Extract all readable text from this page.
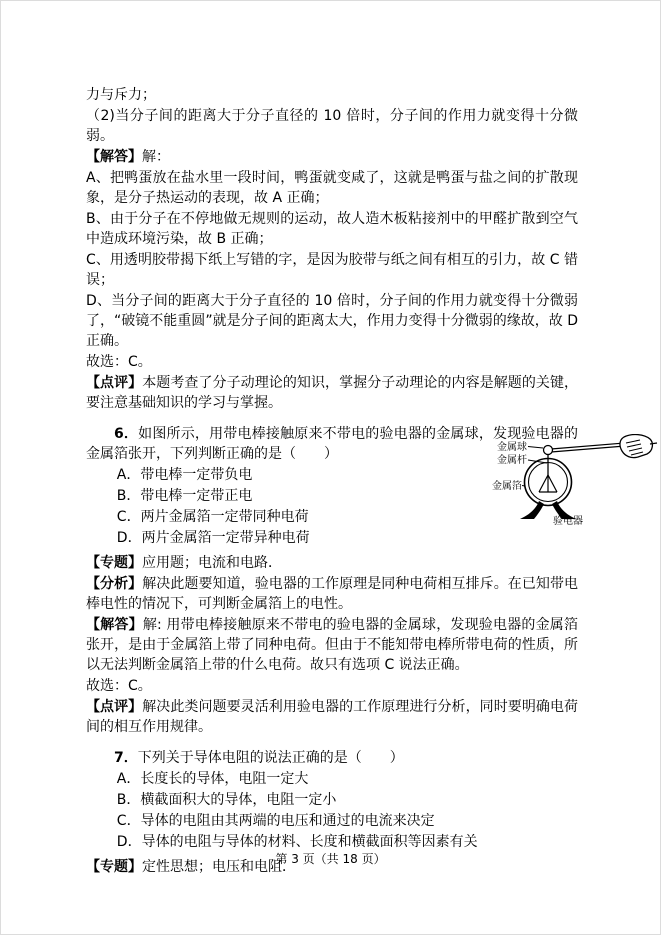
力与斥力；

（2)当分子间的距离大于分子直径的 10 倍时，分子间的作用力就变得十分微弱。

【解答】解：

A、把鸭蛋放在盐水里一段时间，鸭蛋就变咸了，这就是鸭蛋与盐之间的扩散现象，是分子热运动的表现，故 A 正确；

B、由于分子在不停地做无规则的运动，故人造木板粘接剂中的甲醛扩散到空气中造成环境污染，故 B 正确；

C、用透明胶带揭下纸上写错的字，是因为胶带与纸之间有相互的引力，故 C 错误；

D、当分子间的距离大于分子直径的 10 倍时，分子间的作用力就变得十分微弱了，“破镜不能重圆”就是分子间的距离太大，作用力变得十分微弱的缘故，故 D 正确。

故选：C。

【点评】本题考查了分子动理论的知识，掌握分子动理论的内容是解题的关键，要注意基础知识的学习与掌握。

6．如图所示，用带电棒接触原来不带电的验电器的金属球，发现验电器的金属箔张开，下列判断正确的是（　　）	金属球
金属杆
金属箔
验电器

A．带电棒一定带负电

B．带电棒一定带正电

C．两片金属箔一定带同种电荷

D．两片金属箔一定带异种电荷

【专题】应用题；电流和电路．

【分析】解决此题要知道，验电器的工作原理是同种电荷相互排斥。在已知带电棒电性的情况下，可判断金属箔上的电性。

【解答】解: 用带电棒接触原来不带电的验电器的金属球，发现验电器的金属箔张开，是由于金属箔上带了同种电荷。但由于不能知带电棒所带电荷的性质，所以无法判断金属箔上带的什么电荷。故只有选项 C 说法正确。

故选：C。

【点评】解决此类问题要灵活利用验电器的工作原理进行分析，同时要明确电荷间的相互作用规律。

7．下列关于导体电阻的说法正确的是（　　）

A．长度长的导体，电阻一定大

B．横截面积大的导体，电阻一定小

C．导体的电阻由其两端的电压和通过的电流来决定

D．导体的电阻与导体的材料、长度和横截面积等因素有关

【专题】定性思想；电压和电阻．

第 3 页（共 18 页）
